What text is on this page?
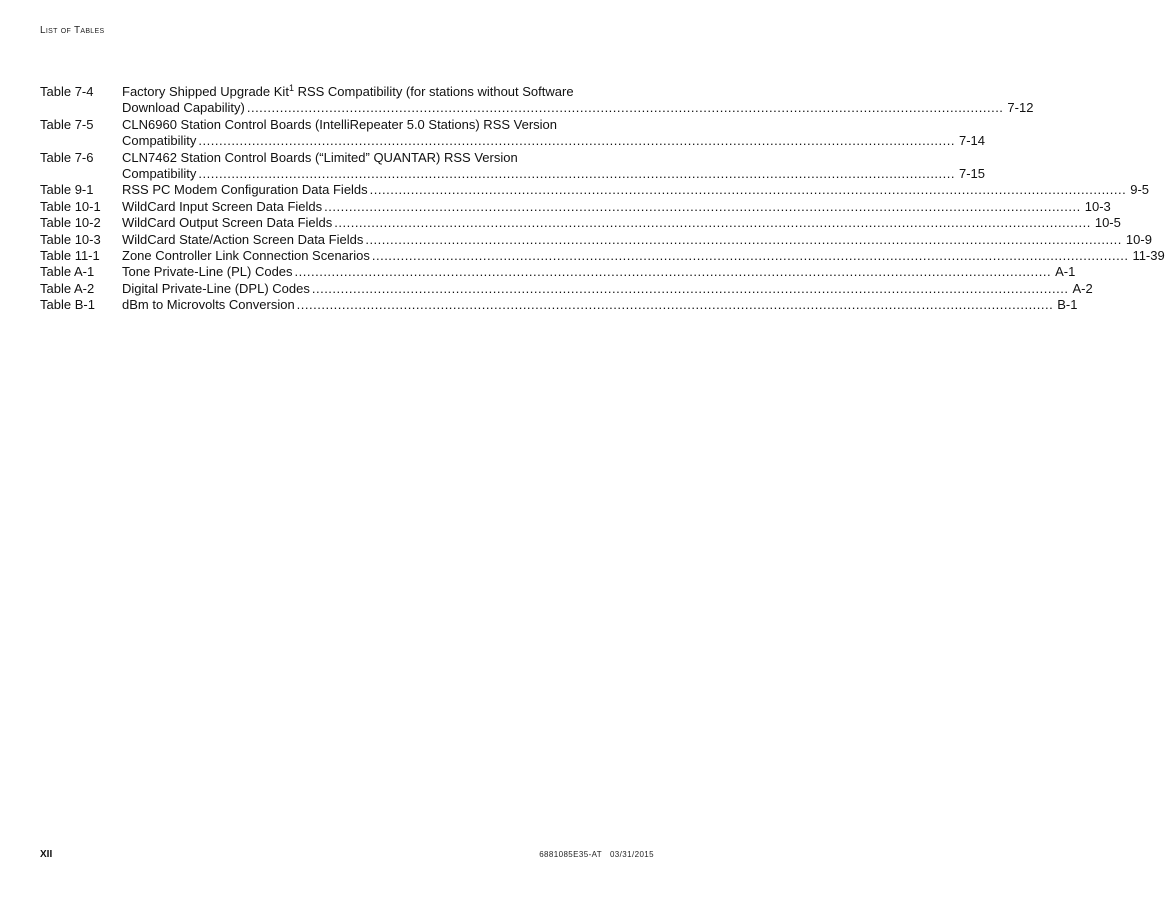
List of Tables
Table 7-4	Factory Shipped Upgrade Kit$^1$ RSS Compatibility (for stations without Software
Download Capability) ........................................................................................................................................................................................ 7-12
Table 7-5	CLN6960 Station Control Boards (IntelliRepeater 5.0 Stations) RSS Version
Compatibility ........................................................................................................................................................................................ 7-14
Table 7-6	CLN7462 Station Control Boards (“Limited” QUANTAR) RSS Version
Compatibility ........................................................................................................................................................................................ 7-15
Table 9-1	RSS PC Modem Configuration Data Fields ........................................................................................................................................................................................ 9-5
Table 10-1	WildCard Input Screen Data Fields ........................................................................................................................................................................................ 10-3
Table 10-2	WildCard Output Screen Data Fields ........................................................................................................................................................................................ 10-5
Table 10-3	WildCard State/Action Screen Data Fields ........................................................................................................................................................................................ 10-9
Table 11-1	Zone Controller Link Connection Scenarios ........................................................................................................................................................................................ 11-39
Table A-1	Tone Private-Line (PL) Codes ........................................................................................................................................................................................ A-1
Table A-2	Digital Private-Line (DPL) Codes ........................................................................................................................................................................................ A-2
Table B-1	dBm to Microvolts Conversion ........................................................................................................................................................................................ B-1
XII	6881085E35-AT 03/31/2015
